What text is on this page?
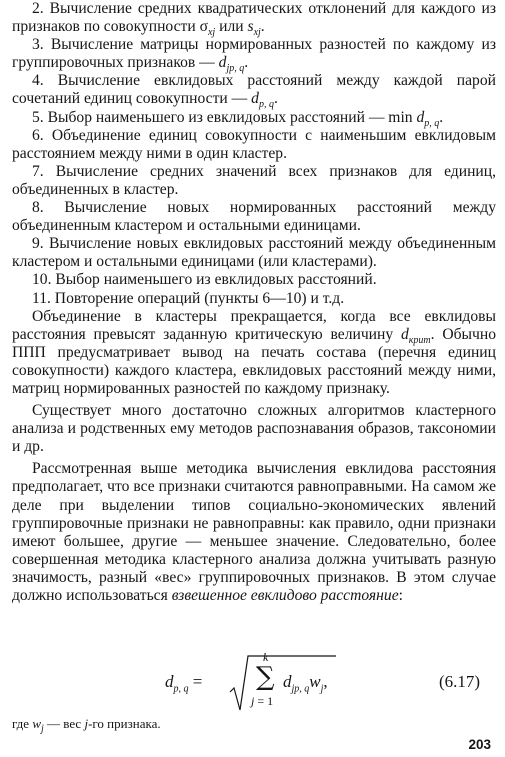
2. Вычисление средних квадратических отклонений для каждого из признаков по совокупности $\sigma_{xj}$ или $s_{xj}$.

3. Вычисление матрицы нормированных разностей по каждому из группировочных признаков — $d_{jp, q}$.

4. Вычисление евклидовых расстояний между каждой парой сочетаний единиц совокупности — $d_{p, q}$.

5. Выбор наименьшего из евклидовых расстояний — $\min d_{p, q}$.

6. Объединение единиц совокупности с наименьшим евклидовым расстоянием между ними в один кластер.

7. Вычисление средних значений всех признаков для единиц, объединенных в кластер.

8. Вычисление новых нормированных расстояний между объединенным кластером и остальными единицами.

9. Вычисление новых евклидовых расстояний между объединенным кластером и остальными единицами (или кластерами).

10. Выбор наименьшего из евклидовых расстояний.

11. Повторение операций (пункты 6—10) и т.д.

Объединение в кластеры прекращается, когда все евклидовы расстояния превысят заданную критическую величину $d_{крит}$. Обычно ППП предусматривает вывод на печать состава (перечня единиц совокупности) каждого кластера, евклидовых расстояний между ними, матриц нормированных разностей по каждому признаку.

Существует много достаточно сложных алгоритмов кластерного анализа и родственных ему методов распознавания образов, таксономии и др.

Рассмотренная выше методика вычисления евклидова расстояния предполагает, что все признаки считаются равноправными. На самом же деле при выделении типов социально-экономических явлений группировочные признаки не равноправны: как правило, одни признаки имеют большее, другие — меньшее значение. Следовательно, более совершенная методика кластерного анализа должна учитывать разную значимость, разный «вес» группировочных признаков. В этом случае должно использоваться взвешенное евклидово расстояние:

$d_{p, q}$ =
k
∑ $d_{jp, q}w_j$,
j = 1
(6.17)
где $w_j$ — вес j-го признака.
203
